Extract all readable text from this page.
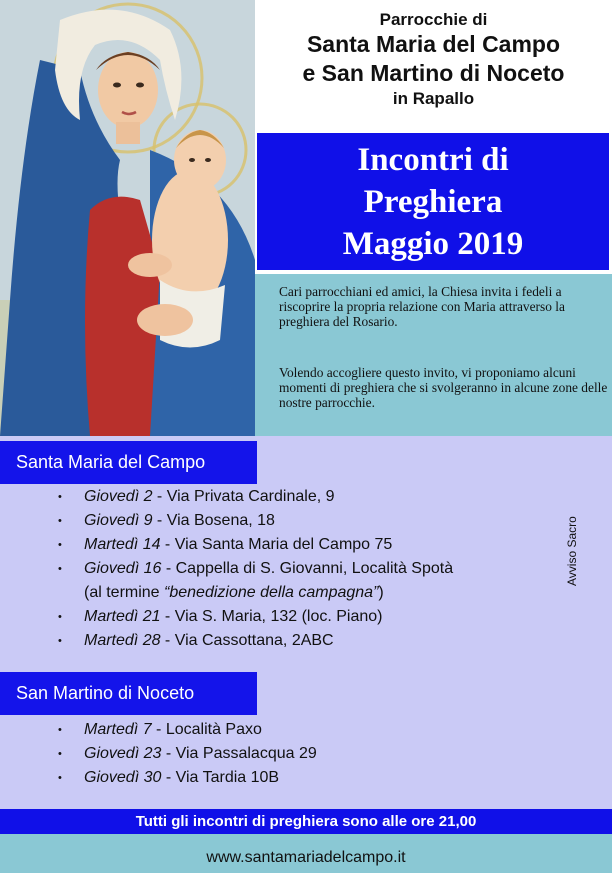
Parrocchie di
Santa Maria del Campo
e San Martino di Noceto
in Rapallo
Incontri di
Preghiera
Maggio 2019

Cari parrocchiani ed amici, la Chiesa invita i fedeli a riscoprire la propria relazione con Maria attraverso la preghiera del Rosario.

Volendo accogliere questo invito, vi proponiamo alcuni momenti di preghiera che si svolgeranno in alcune zone delle nostre parrocchie.

Santa Maria del Campo
• Giovedì 2 - Via Privata Cardinale, 9
• Giovedì 9 - Via Bosena, 18
• Martedì 14 - Via Santa Maria del Campo 75
• Giovedì 16 - Cappella di S. Giovanni, Località Spotà
(al termine “benedizione della campagna”)
• Martedì 21 - Via S. Maria, 132 (loc. Piano)
• Martedì 28 - Via Cassottana, 2ABC
Avviso Sacro
San Martino di Noceto
• Martedì 7 - Località Paxo
• Giovedì 23 - Via Passalacqua 29
• Giovedì 30 - Via Tardia 10B
Tutti gli incontri di preghiera sono alle ore 21,00
www.santamariadelcampo.it
